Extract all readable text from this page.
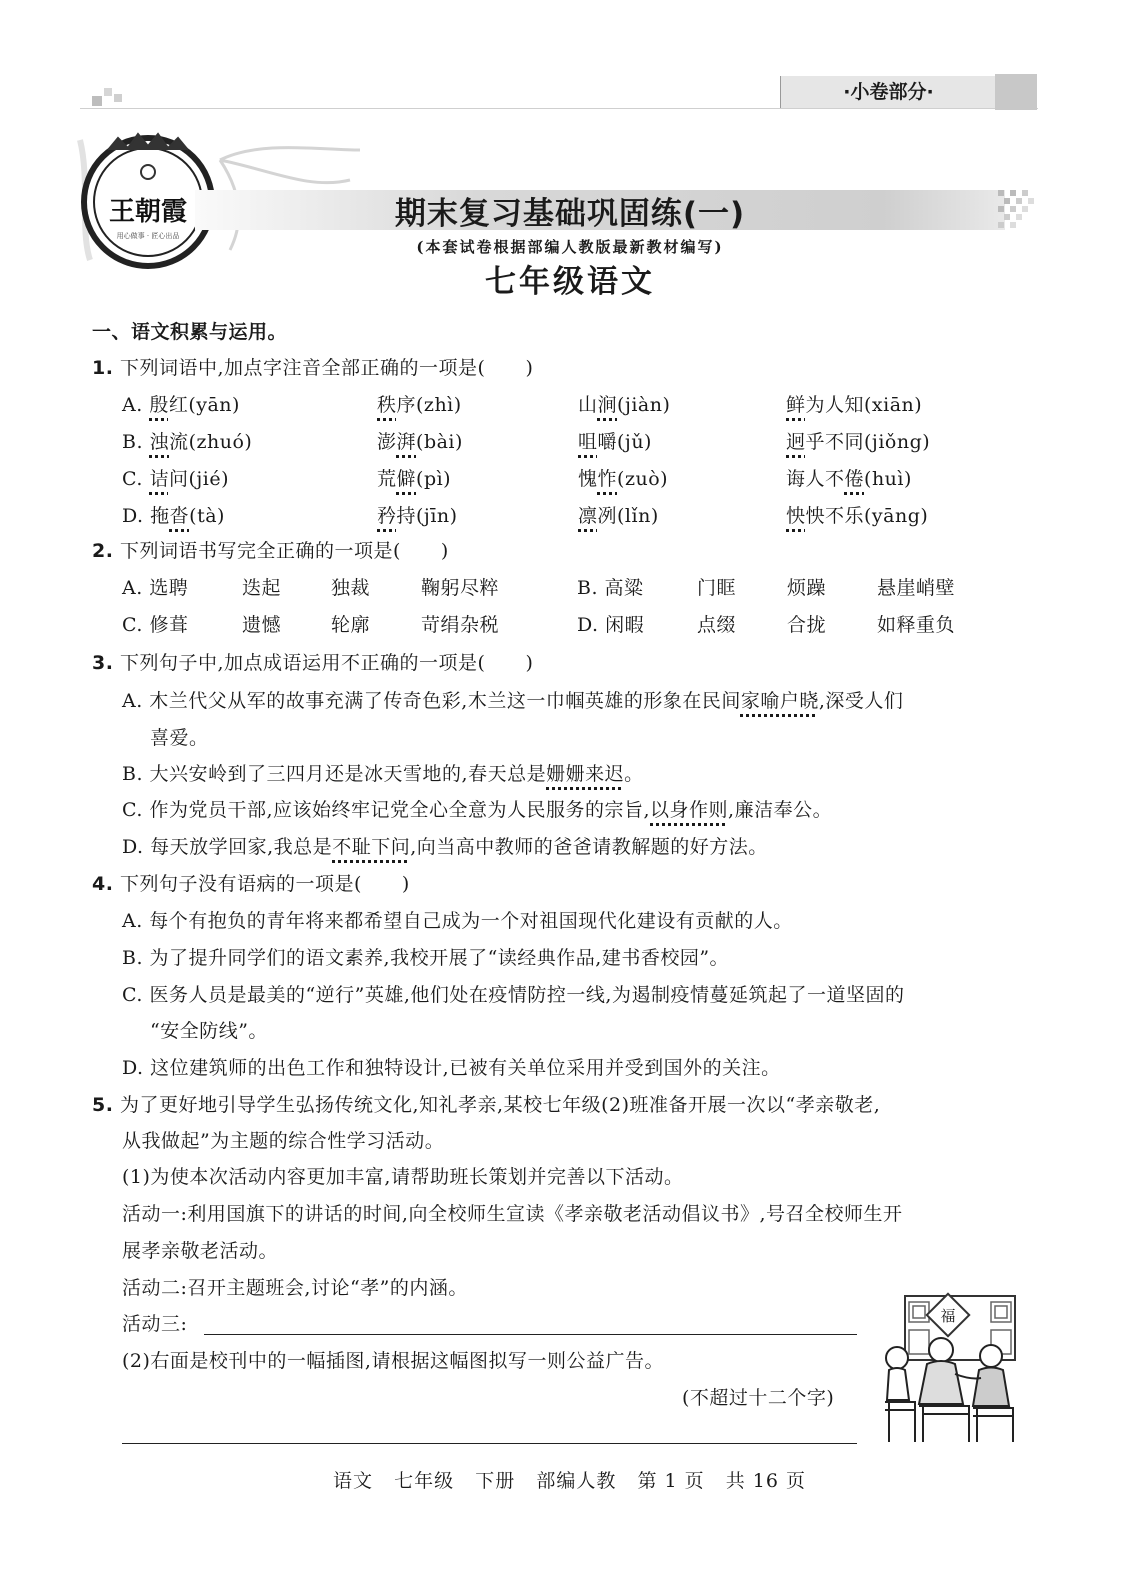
·小卷部分·
王朝霞
用心做事 · 匠心出品
期末复习基础巩固练(一)
(本套试卷根据部编人教版最新教材编写)
七年级语文
一、语文积累与运用。
1. 下列词语中,加点字注音全部正确的一项是( )
A. 殷红(yān)	秩序(zhì)	山涧(jiàn)	鲜为人知(xiān)
B. 浊流(zhuó)	澎湃(bài)	咀嚼(jǔ)	迥乎不同(jiǒng)
C. 诘问(jié)	荒僻(pì)	愧怍(zuò)	诲人不倦(huì)
D. 拖沓(tà)	矜持(jīn)	凛冽(lǐn)	怏怏不乐(yāng)
2. 下列词语书写完全正确的一项是( )
A. 选聘	迭起	独裁	鞠躬尽粹	B. 高粱	门眶	烦躁	悬崖峭壁
C. 修葺	遗憾	轮廓	苛绢杂税	D. 闲暇	点缀	合拢	如释重负
3. 下列句子中,加点成语运用不正确的一项是( )
A. 木兰代父从军的故事充满了传奇色彩,木兰这一巾帼英雄的形象在民间家喻户晓,深受人们
喜爱。
B. 大兴安岭到了三四月还是冰天雪地的,春天总是姗姗来迟。
C. 作为党员干部,应该始终牢记党全心全意为人民服务的宗旨,以身作则,廉洁奉公。
D. 每天放学回家,我总是不耻下问,向当高中教师的爸爸请教解题的好方法。
4. 下列句子没有语病的一项是( )
A. 每个有抱负的青年将来都希望自己成为一个对祖国现代化建设有贡献的人。
B. 为了提升同学们的语文素养,我校开展了“读经典作品,建书香校园”。
C. 医务人员是最美的“逆行”英雄,他们处在疫情防控一线,为遏制疫情蔓延筑起了一道坚固的
“安全防线”。
D. 这位建筑师的出色工作和独特设计,已被有关单位采用并受到国外的关注。
5. 为了更好地引导学生弘扬传统文化,知礼孝亲,某校七年级(2)班准备开展一次以“孝亲敬老,
从我做起”为主题的综合性学习活动。
(1)为使本次活动内容更加丰富,请帮助班长策划并完善以下活动。
活动一:利用国旗下的讲话的时间,向全校师生宣读《孝亲敬老活动倡议书》,号召全校师生开
展孝亲敬老活动。
活动二:召开主题班会,讨论“孝”的内涵。
活动三:
(2)右面是校刊中的一幅插图,请根据这幅图拟写一则公益广告。
(不超过十二个字)
福
语文   七年级   下册   部编人教   第 1 页   共 16 页
